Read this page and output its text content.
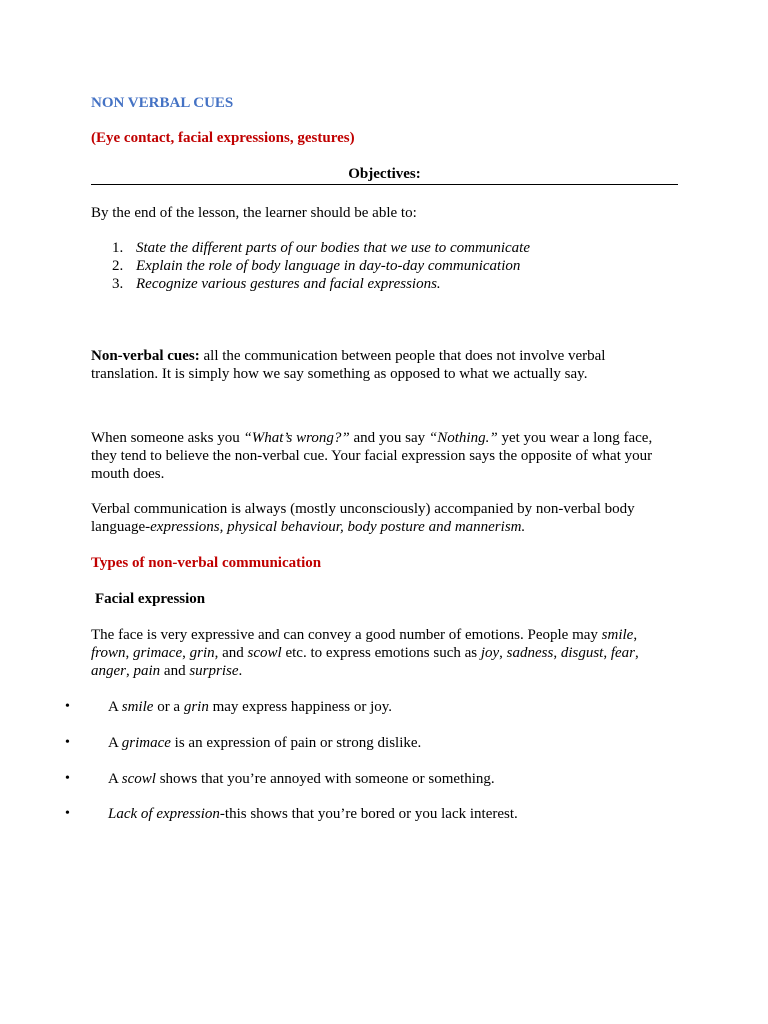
NON VERBAL CUES
(Eye contact, facial expressions, gestures)
Objectives:
By the end of the lesson, the learner should be able to:
1. State the different parts of our bodies that we use to communicate
2. Explain the role of body language in day-to-day communication
3. Recognize various gestures and facial expressions.
Non-verbal cues: all the communication between people that does not involve verbal
translation. It is simply how we say something as opposed to what we actually say.
When someone asks you “What’s wrong?” and you say “Nothing.” yet you wear a long face,
they tend to believe the non-verbal cue. Your facial expression says the opposite of what your
mouth does.
Verbal communication is always (mostly unconsciously) accompanied by non-verbal body
language-expressions, physical behaviour, body posture and mannerism.
Types of non-verbal communication
Facial expression
The face is very expressive and can convey a good number of emotions. People may smile,
frown, grimace, grin, and scowl etc. to express emotions such as joy, sadness, disgust, fear,
anger, pain and surprise.
•	A smile or a grin may express happiness or joy.
•	A grimace is an expression of pain or strong dislike.
•	A scowl shows that you’re annoyed with someone or something.
•	Lack of expression-this shows that you’re bored or you lack interest.
